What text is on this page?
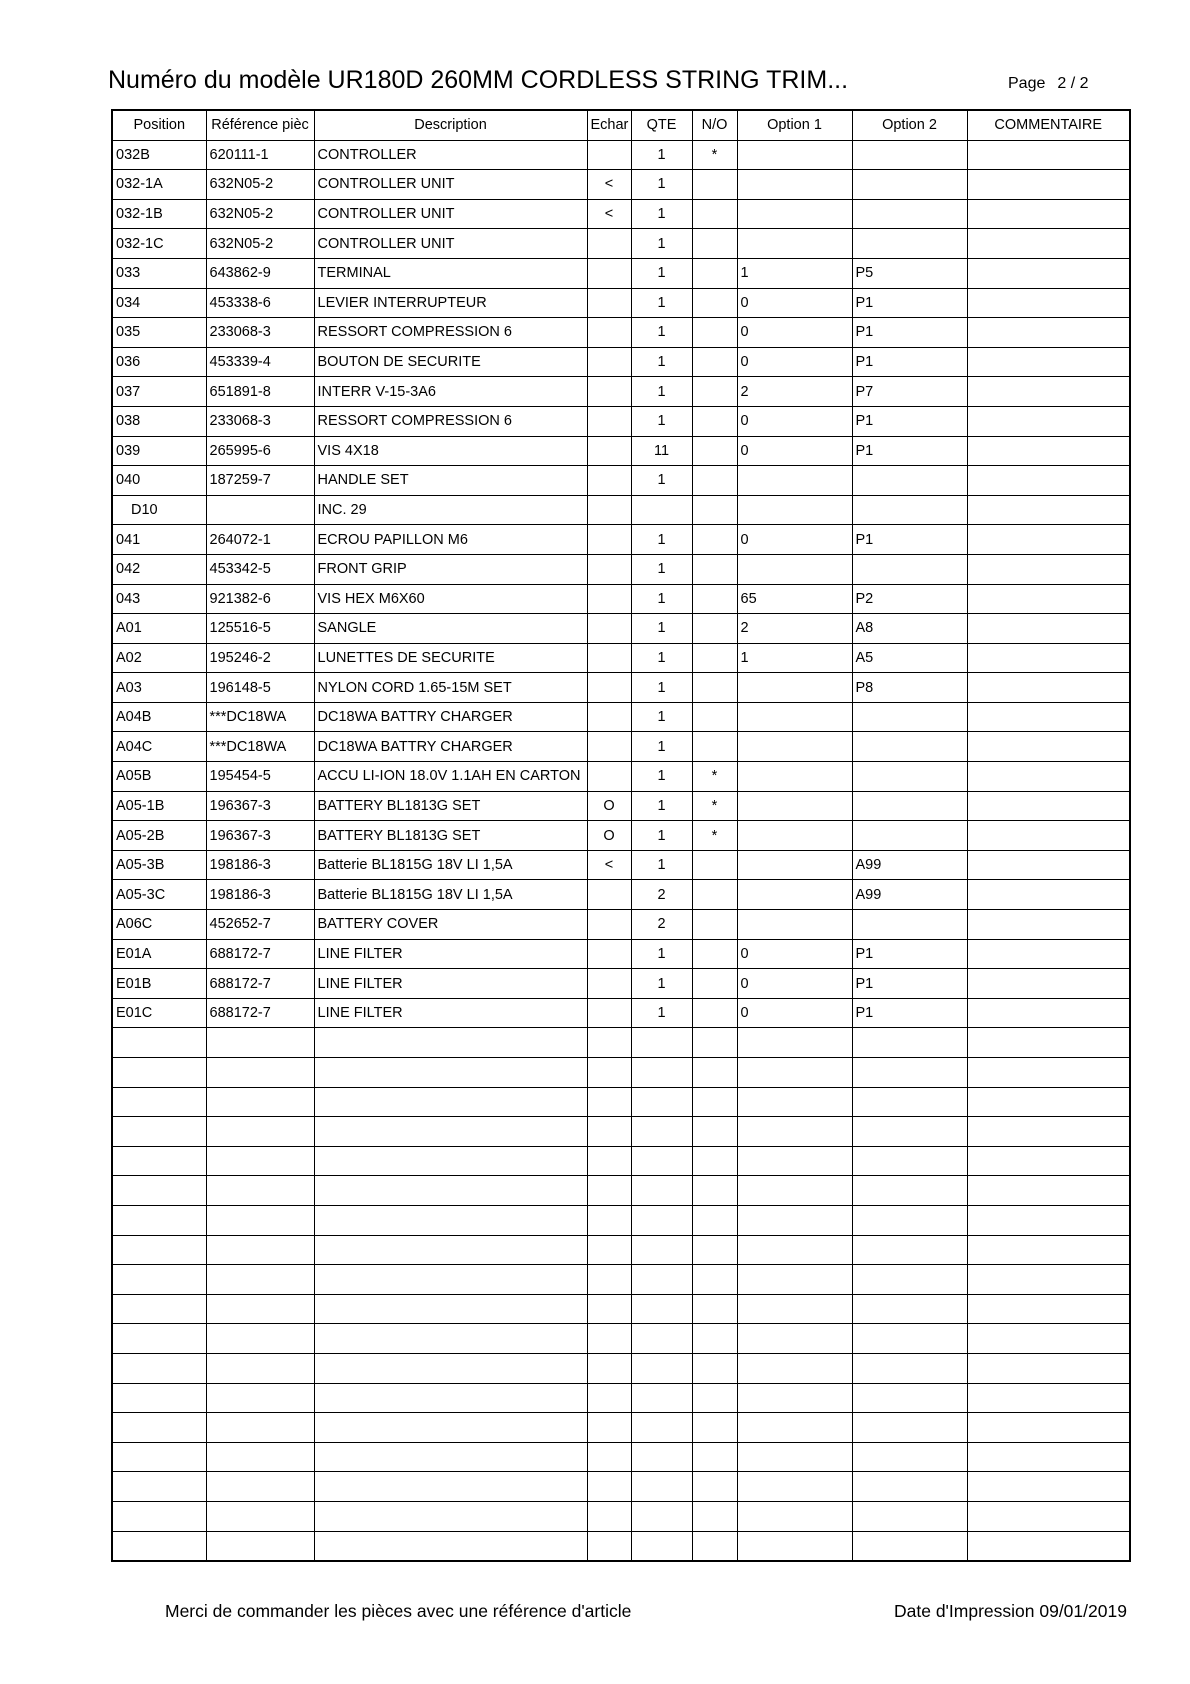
Numéro du modèle UR180D 260MM CORDLESS STRING TRIM...	Page 2 / 2
Position	Référence pièc	Description	Echar	QTE	N/O	Option 1	Option 2	COMMENTAIRE
032B	620111-1	CONTROLLER		1	*			
032-1A	632N05-2	CONTROLLER UNIT	<	1				
032-1B	632N05-2	CONTROLLER UNIT	<	1				
032-1C	632N05-2	CONTROLLER UNIT		1				
033	643862-9	TERMINAL		1		1	P5	
034	453338-6	LEVIER INTERRUPTEUR		1		0	P1	
035	233068-3	RESSORT COMPRESSION 6		1		0	P1	
036	453339-4	BOUTON DE SECURITE		1		0	P1	
037	651891-8	INTERR V-15-3A6		1		2	P7	
038	233068-3	RESSORT COMPRESSION 6		1		0	P1	
039	265995-6	VIS 4X18		11		0	P1	
040	187259-7	HANDLE SET		1				
D10		INC. 29						
041	264072-1	ECROU PAPILLON M6		1		0	P1	
042	453342-5	FRONT GRIP		1				
043	921382-6	VIS HEX M6X60		1		65	P2	
A01	125516-5	SANGLE		1		2	A8	
A02	195246-2	LUNETTES DE SECURITE		1		1	A5	
A03	196148-5	NYLON CORD 1.65-15M SET		1			P8	
A04B	***DC18WA	DC18WA BATTRY CHARGER		1				
A04C	***DC18WA	DC18WA BATTRY CHARGER		1				
A05B	195454-5	ACCU LI-ION 18.0V 1.1AH EN CARTON		1	*			
A05-1B	196367-3	BATTERY BL1813G SET	O	1	*			
A05-2B	196367-3	BATTERY BL1813G SET	O	1	*			
A05-3B	198186-3	Batterie BL1815G 18V LI 1,5A	<	1			A99	
A05-3C	198186-3	Batterie BL1815G 18V LI 1,5A		2			A99	
A06C	452652-7	BATTERY COVER		2				
E01A	688172-7	LINE FILTER		1		0	P1	
E01B	688172-7	LINE FILTER		1		0	P1	
E01C	688172-7	LINE FILTER		1		0	P1	

Merci de commander les pièces avec une référence d'article	Date d'Impression 09/01/2019
